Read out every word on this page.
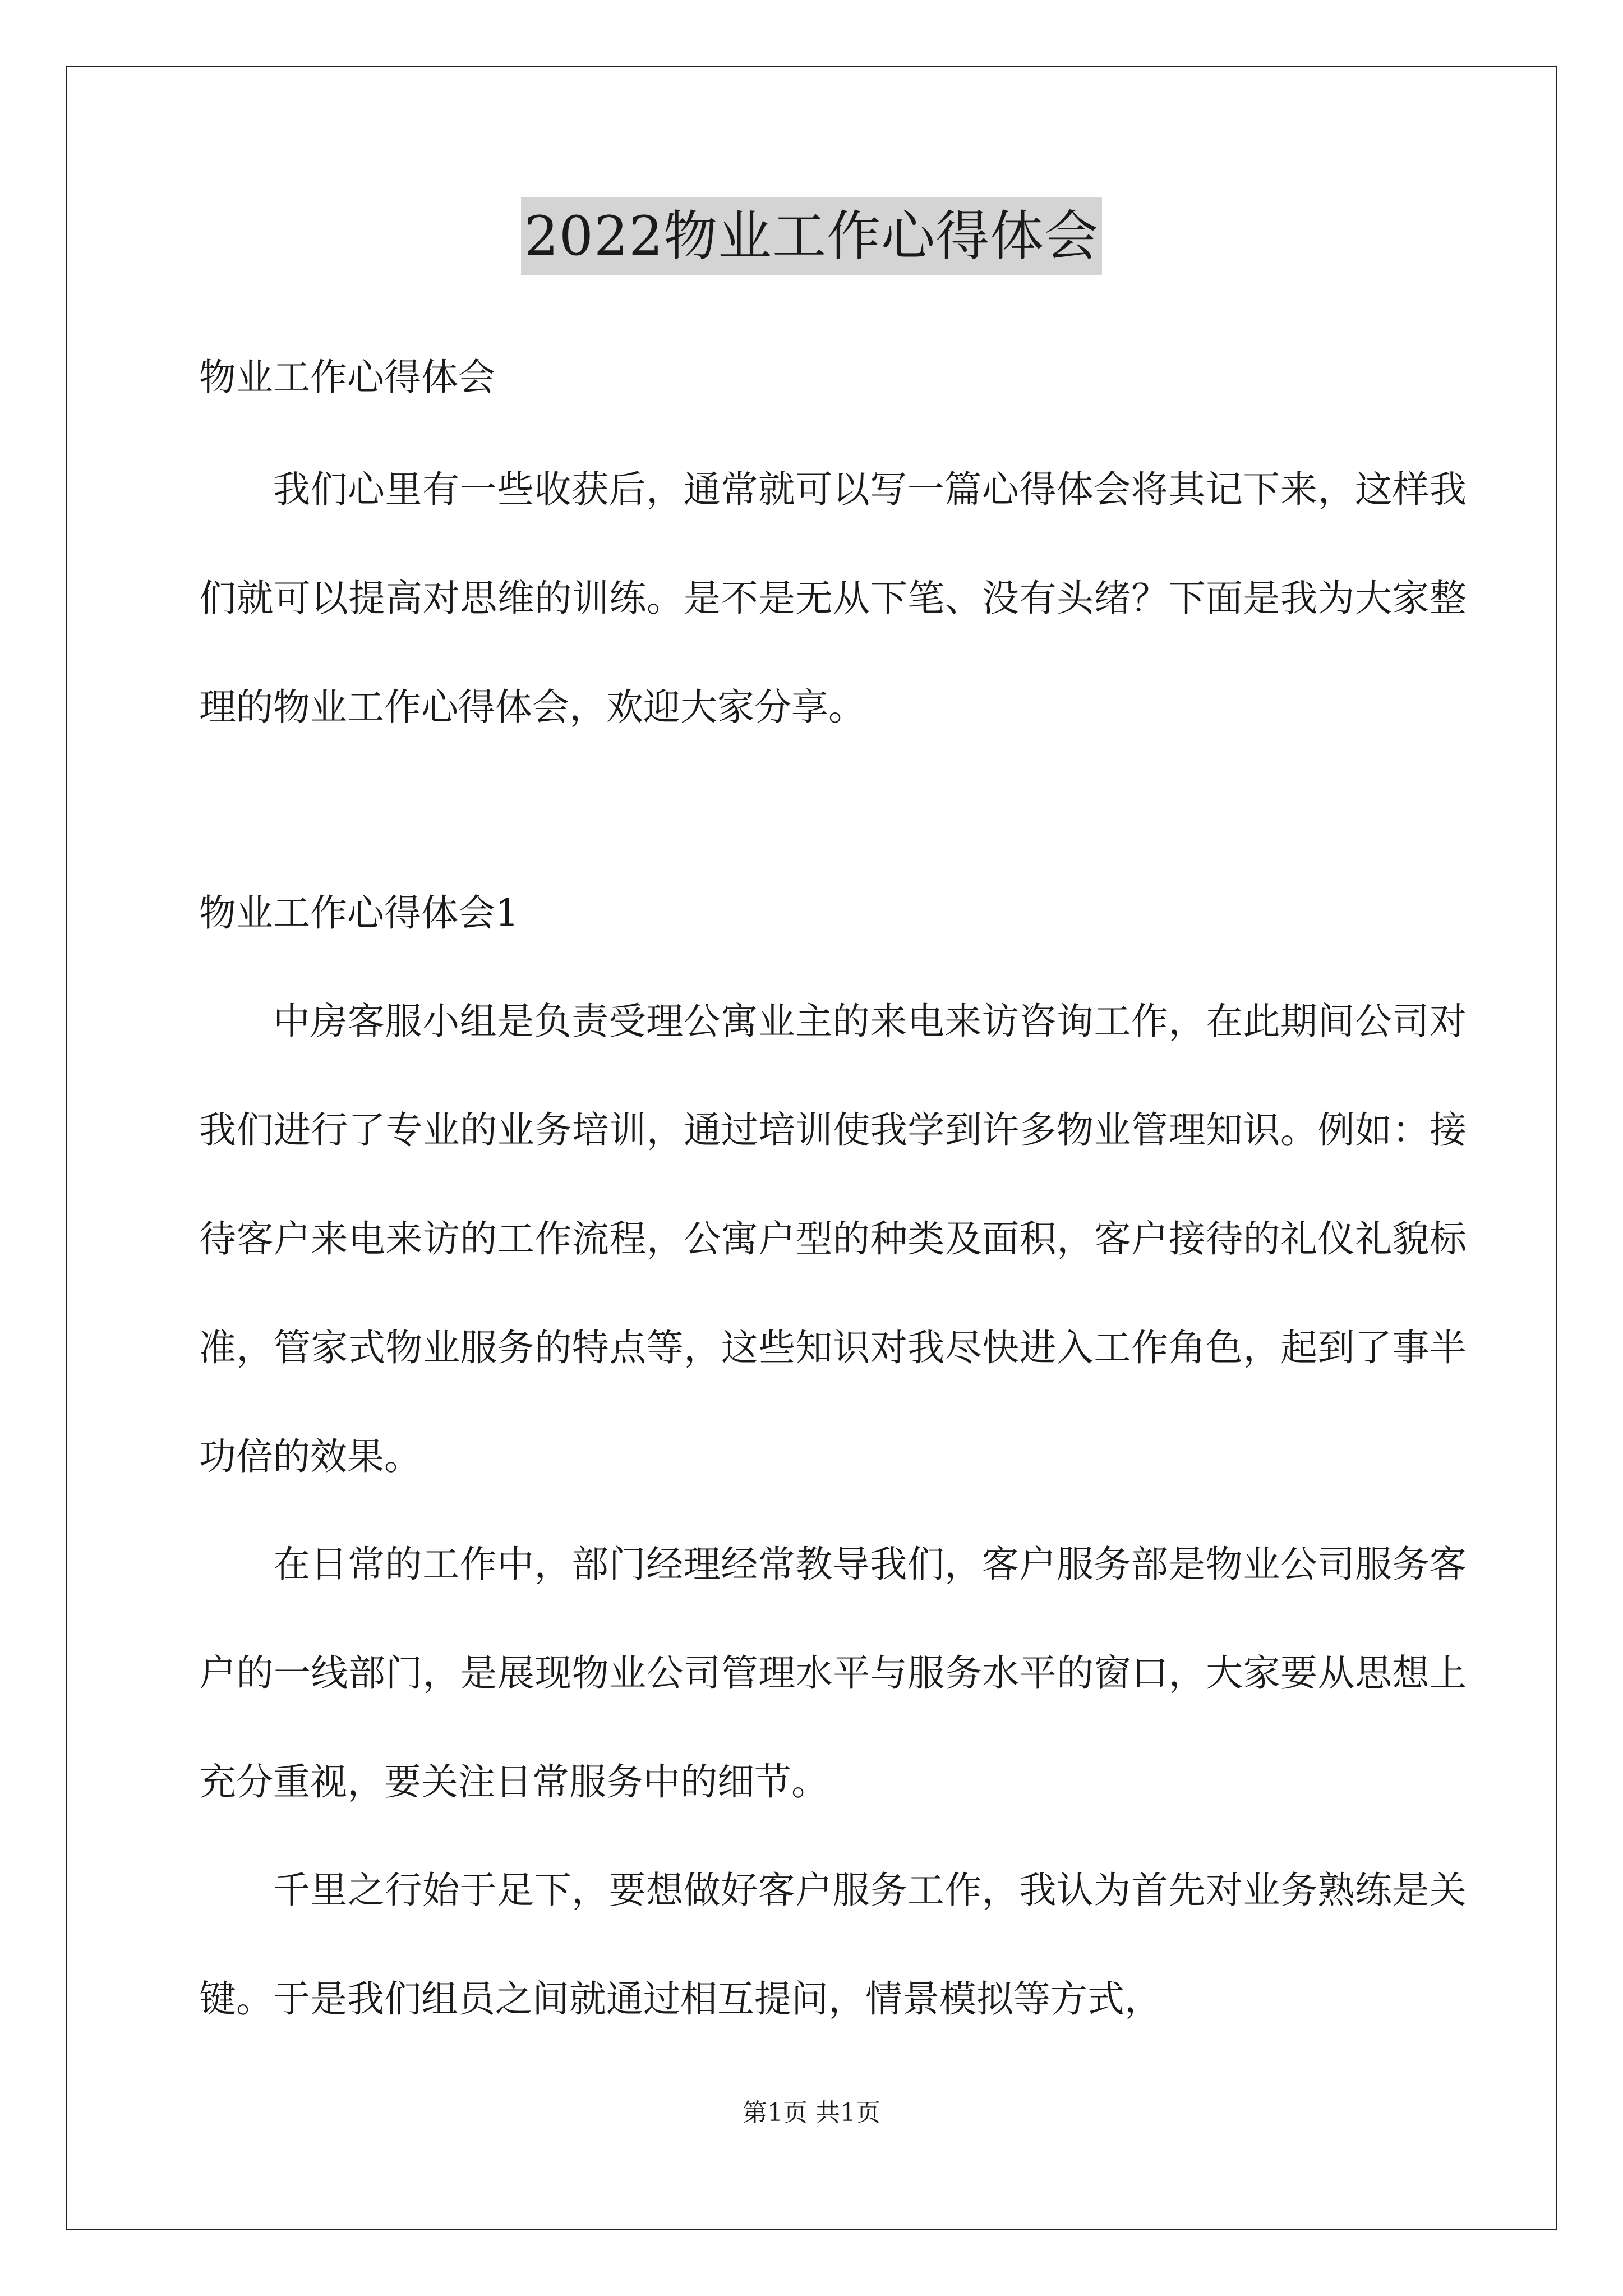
2022物业工作心得体会
物业工作心得体会

我们心里有一些收获后，通常就可以写一篇心得体会将其记下来，这样我们就可以提高对思维的训练。是不是无从下笔、没有头绪？下面是我为大家整理的物业工作心得体会，欢迎大家分享。

物业工作心得体会1

中房客服小组是负责受理公寓业主的来电来访咨询工作，在此期间公司对我们进行了专业的业务培训，通过培训使我学到许多物业管理知识。例如：接待客户来电来访的工作流程，公寓户型的种类及面积，客户接待的礼仪礼貌标准，管家式物业服务的特点等，这些知识对我尽快进入工作角色，起到了事半功倍的效果。

在日常的工作中，部门经理经常教导我们，客户服务部是物业公司服务客户的一线部门，是展现物业公司管理水平与服务水平的窗口，大家要从思想上充分重视，要关注日常服务中的细节。

千里之行始于足下，要想做好客户服务工作，我认为首先对业务熟练是关键。于是我们组员之间就通过相互提问，情景模拟等方式，

第1页 共1页
